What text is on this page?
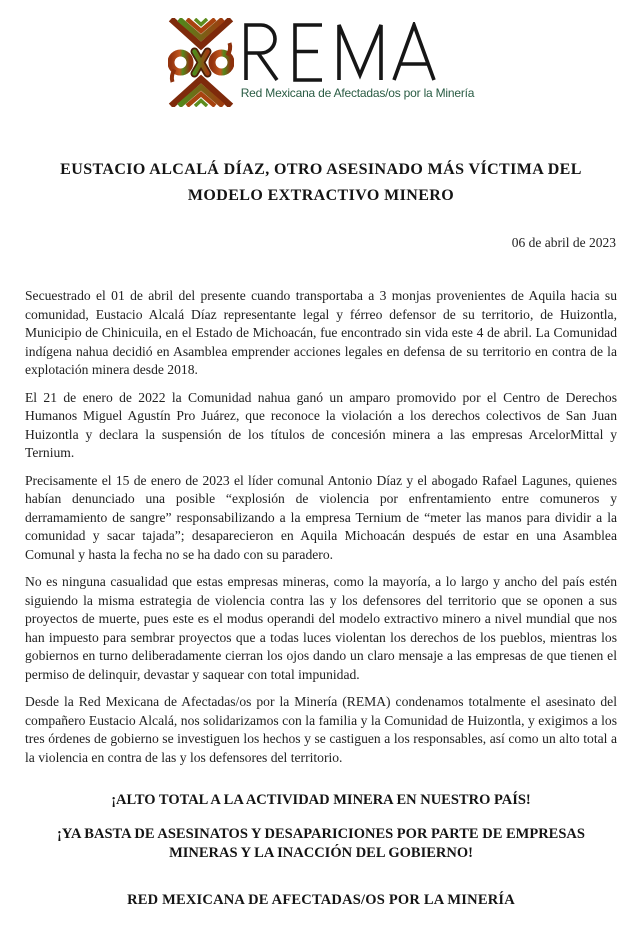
Red Mexicana de Afectadas/os por la Minería
EUSTACIO ALCALÁ DÍAZ, OTRO ASESINADO MÁS VÍCTIMA DEL MODELO EXTRACTIVO MINERO
06 de abril de 2023

Secuestrado el 01 de abril del presente cuando transportaba a 3 monjas provenientes de Aquila hacia su comunidad, Eustacio Alcalá Díaz representante legal y férreo defensor de su territorio, de Huizontla, Municipio de Chinicuila, en el Estado de Michoacán, fue encontrado sin vida este 4 de abril. La Comunidad indígena nahua decidió en Asamblea emprender acciones legales en defensa de su territorio en contra de la explotación minera desde 2018.

El 21 de enero de 2022 la Comunidad nahua ganó un amparo promovido por el Centro de Derechos Humanos Miguel Agustín Pro Juárez, que reconoce la violación a los derechos colectivos de San Juan Huizontla y declara la suspensión de los títulos de concesión minera a las empresas ArcelorMittal y Ternium.

Precisamente el 15 de enero de 2023 el líder comunal Antonio Díaz y el abogado Rafael Lagunes, quienes habían denunciado una posible “explosión de violencia por enfrentamiento entre comuneros y derramamiento de sangre” responsabilizando a la empresa Ternium de “meter las manos para dividir a la comunidad y sacar tajada”; desaparecieron en Aquila Michoacán después de estar en una Asamblea Comunal y hasta la fecha no se ha dado con su paradero.

No es ninguna casualidad que estas empresas mineras, como la mayoría, a lo largo y ancho del país estén siguiendo la misma estrategia de violencia contra las y los defensores del territorio que se oponen a sus proyectos de muerte, pues este es el modus operandi del modelo extractivo minero a nivel mundial que nos han impuesto para sembrar proyectos que a todas luces violentan los derechos de los pueblos, mientras los gobiernos en turno deliberadamente cierran los ojos dando un claro mensaje a las empresas de que tienen el permiso de delinquir, devastar y saquear con total impunidad.

Desde la Red Mexicana de Afectadas/os por la Minería (REMA) condenamos totalmente el asesinato del compañero Eustacio Alcalá, nos solidarizamos con la familia y la Comunidad de Huizontla, y exigimos a los tres órdenes de gobierno se investiguen los hechos y se castiguen a los responsables, así como un alto total a la violencia en contra de las y los defensores del territorio.

¡ALTO TOTAL A LA ACTIVIDAD MINERA EN NUESTRO PAÍS!
¡YA BASTA DE ASESINATOS Y DESAPARICIONES POR PARTE DE EMPRESAS MINERAS Y LA INACCIÓN DEL GOBIERNO!
RED MEXICANA DE AFECTADAS/OS POR LA MINERÍA
